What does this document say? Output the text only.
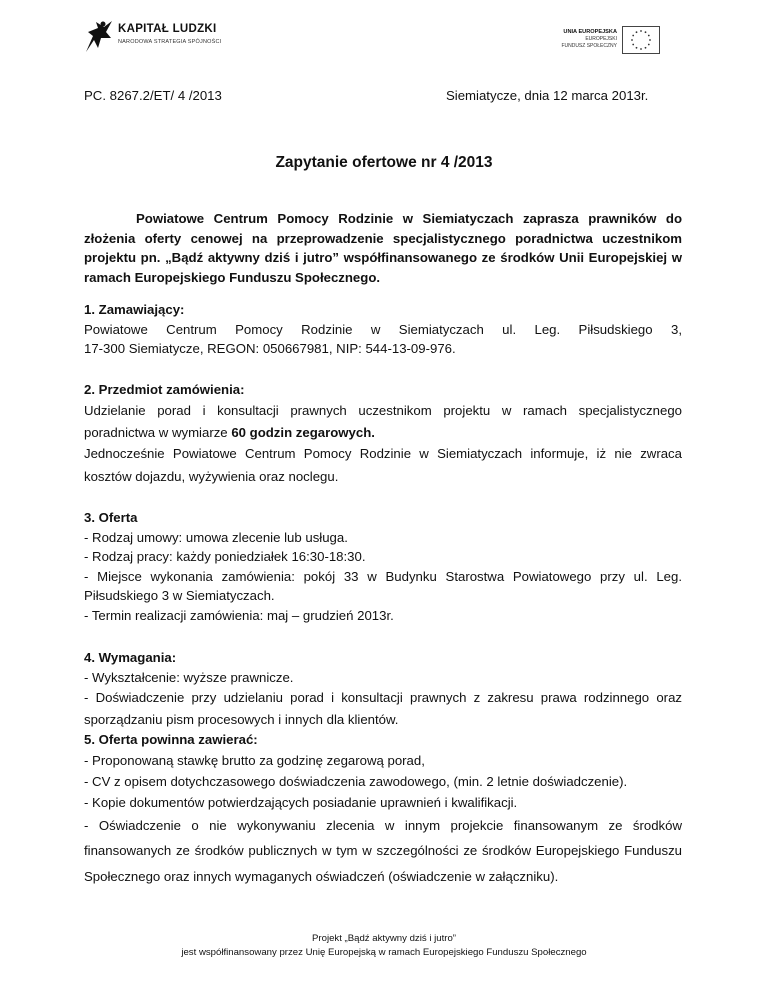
KAPITAŁ LUDZKI
NARODOWA STRATEGIA SPÓJNOŚCI
UNIA EUROPEJSKA
EUROPEJSKI
FUNDUSZ SPOŁECZNY
PC. 8267.2/ET/ 4 /2013	Siemiatycze, dnia 12 marca 2013r.
Zapytanie ofertowe nr 4 /2013

Powiatowe Centrum Pomocy Rodzinie w Siemiatyczach zaprasza prawników do złożenia oferty cenowej na przeprowadzenie specjalistycznego poradnictwa uczestnikom projektu pn. „Bądź aktywny dziś i jutro” współfinansowanego ze środków Unii Europejskiej w ramach Europejskiego Funduszu Społecznego.

1. Zamawiający:

Powiatowe Centrum Pomocy Rodzinie w Siemiatyczach ul. Leg. Piłsudskiego 3,

17-300 Siemiatycze, REGON: 050667981, NIP: 544-13-09-976.

2. Przedmiot zamówienia:

Udzielanie porad i konsultacji prawnych uczestnikom projektu w ramach specjalistycznego poradnictwa w wymiarze 60 godzin zegarowych.

Jednocześnie Powiatowe Centrum Pomocy Rodzinie w Siemiatyczach informuje, iż nie zwraca kosztów dojazdu, wyżywienia oraz noclegu.

3. Oferta

- Rodzaj umowy: umowa zlecenie lub usługa.

- Rodzaj pracy: każdy poniedziałek 16:30-18:30.

- Miejsce wykonania zamówienia: pokój 33 w Budynku Starostwa Powiatowego przy ul. Leg. Piłsudskiego 3 w Siemiatyczach.

- Termin realizacji zamówienia: maj – grudzień 2013r.

4. Wymagania:

- Wykształcenie: wyższe prawnicze.

- Doświadczenie przy udzielaniu porad i konsultacji prawnych z zakresu prawa rodzinnego oraz sporządzaniu pism procesowych i innych dla klientów.

5. Oferta powinna zawierać:

- Proponowaną stawkę brutto za godzinę zegarową porad,

- CV z opisem dotychczasowego doświadczenia zawodowego, (min. 2 letnie doświadczenie).

- Kopie dokumentów potwierdzających posiadanie uprawnień i kwalifikacji.

- Oświadczenie o nie wykonywaniu zlecenia w innym projekcie finansowanym ze środków finansowanych ze środków publicznych w tym w szczególności ze środków Europejskiego Funduszu Społecznego oraz innych wymaganych oświadczeń (oświadczenie w załączniku).

Projekt „Bądź aktywny dziś i jutro”
jest współfinansowany przez Unię Europejską w ramach Europejskiego Funduszu Społecznego
